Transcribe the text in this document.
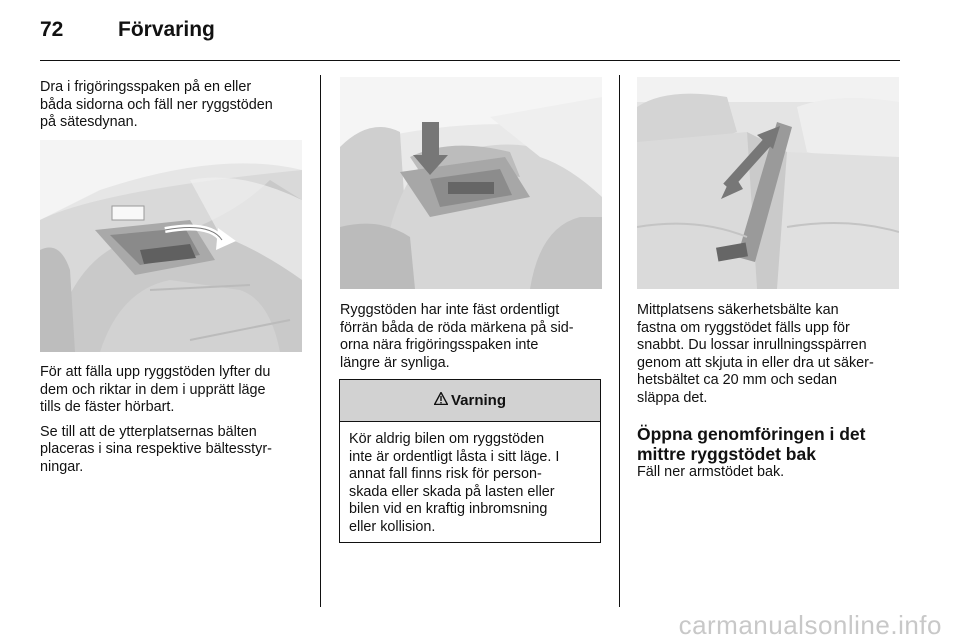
72	Förvaring
Dra i frigöringsspaken på en eller
båda sidorna och fäll ner ryggstöden
på sätesdynan.

För att fälla upp ryggstöden lyfter du
dem och riktar in dem i upprätt läge
tills de fäster hörbart.

Se till att de ytterplatsernas bälten
placeras i sina respektive bältesstyr-
ningar.

Ryggstöden har inte fäst ordentligt
förrän båda de röda märkena på sid-
orna nära frigöringsspaken inte
längre är synliga.
Varning
Kör aldrig bilen om ryggstöden
inte är ordentligt låsta i sitt läge. I
annat fall finns risk för person-
skada eller skada på lasten eller
bilen vid en kraftig inbromsning
eller kollision.
Mittplatsens säkerhetsbälte kan
fastna om ryggstödet fälls upp för
snabbt. Du lossar inrullningsspärren
genom att skjuta in eller dra ut säker-
hetsbältet ca 20 mm och sedan
släppa det.
Öppna genomföringen i det
mittre ryggstödet bak
Fäll ner armstödet bak.
carmanualsonline.info
